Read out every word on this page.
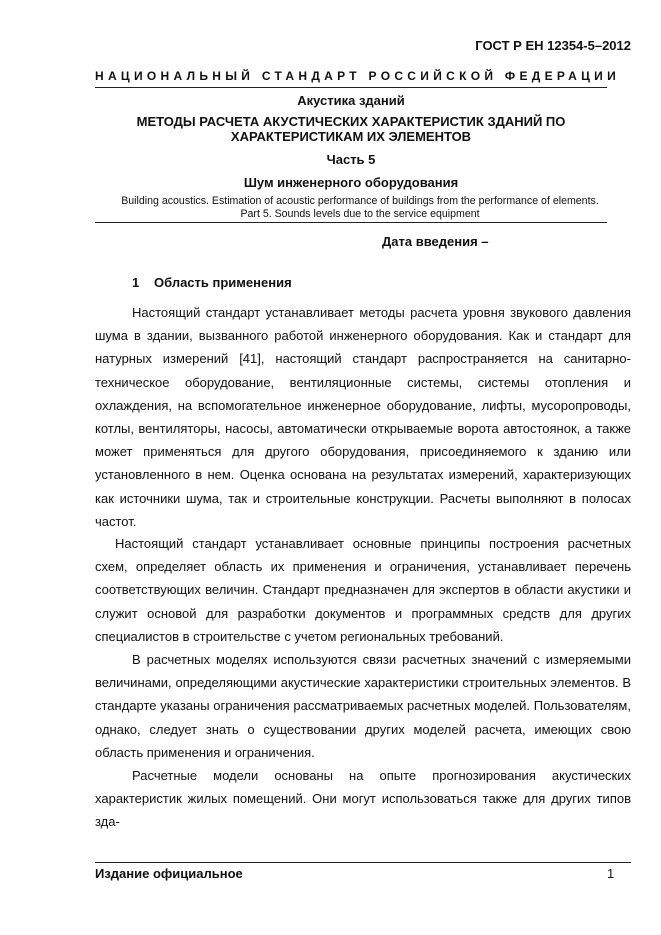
ГОСТ Р ЕН 12354-5–2012
НАЦИОНАЛЬНЫЙ СТАНДАРТ РОССИЙСКОЙ ФЕДЕРАЦИИ
Акустика зданий
МЕТОДЫ РАСЧЕТА АКУСТИЧЕСКИХ ХАРАКТЕРИСТИК ЗДАНИЙ ПО
ХАРАКТЕРИСТИКАМ ИХ ЭЛЕМЕНТОВ
Часть 5
Шум инженерного оборудования
Building acoustics. Estimation of acoustic performance of buildings from the performance of elements.
Part 5. Sounds levels due to the service equipment
Дата введения –
1 Область применения

Настоящий стандарт устанавливает методы расчета уровня звукового давления шума в здании, вызванного работой инженерного оборудования. Как и стандарт для натурных измерений [41], настоящий стандарт распространяется на санитарно-техническое оборудование, вентиляционные системы, системы отопления и охлаждения, на вспомогательное инженерное оборудование, лифты, мусоропроводы, котлы, вентиляторы, насосы, автоматически открываемые ворота автостоянок, а также может применяться для другого оборудования, присоединяемого к зданию или установленного в нем. Оценка основана на результатах измерений, характеризующих как источники шума, так и строительные конструкции. Расчеты выполняют в полосах частот.

Настоящий стандарт устанавливает основные принципы построения расчетных схем, определяет область их применения и ограничения, устанавливает перечень соответствующих величин. Стандарт предназначен для экспертов в области акустики и служит основой для разработки документов и программных средств для других специалистов в строительстве с учетом региональных требований.

В расчетных моделях используются связи расчетных значений с измеряемыми величинами, определяющими акустические характеристики строительных элементов. В стандарте указаны ограничения рассматриваемых расчетных моделей. Пользователям, однако, следует знать о существовании других моделей расчета, имеющих свою область применения и ограничения.

Расчетные модели основаны на опыте прогнозирования акустических характеристик жилых помещений. Они могут использоваться также для других типов зда-

Издание официальное	1
